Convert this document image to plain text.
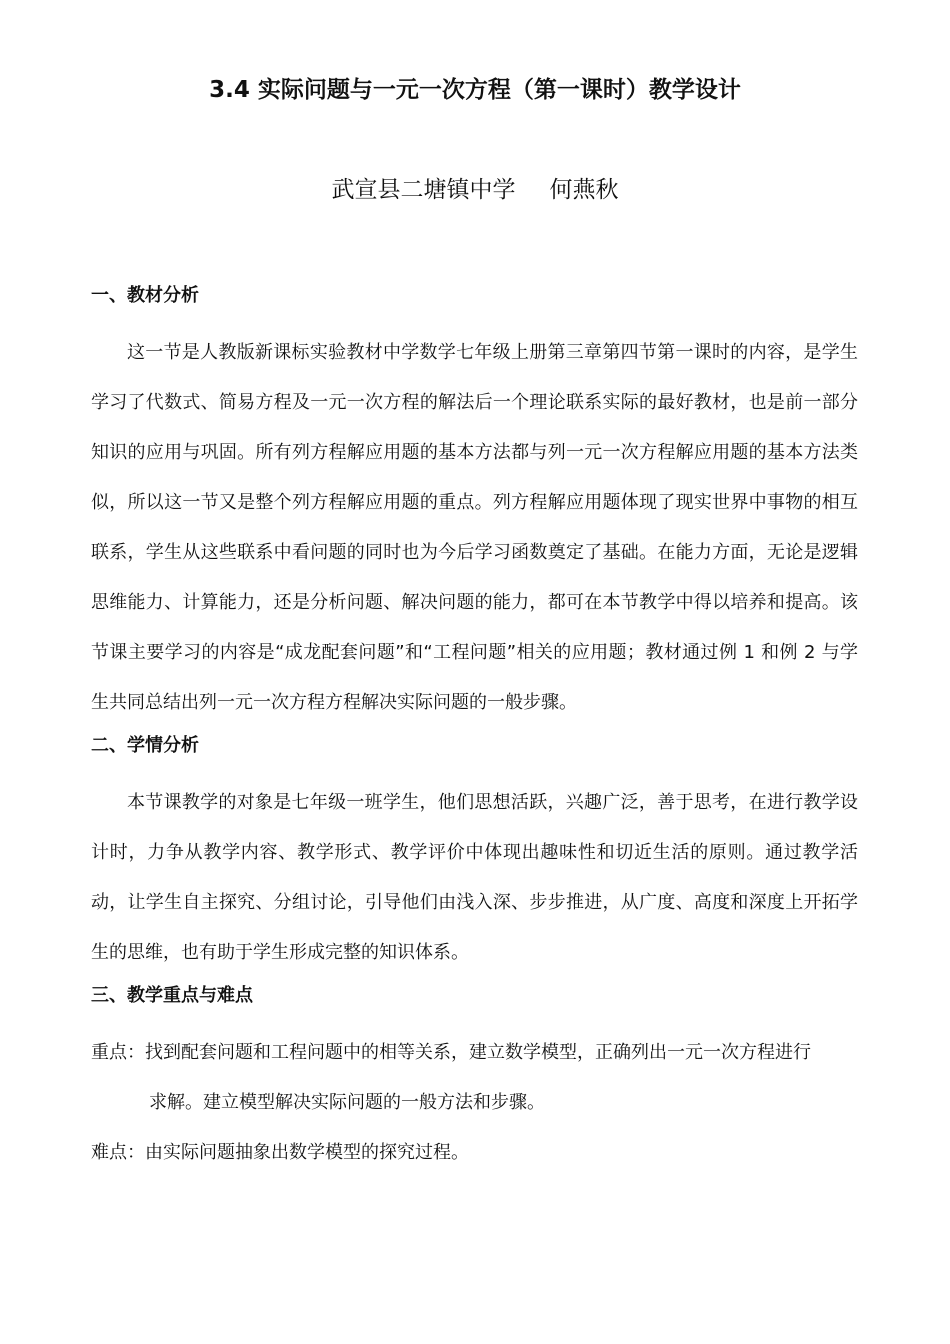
3.4 实际问题与一元一次方程（第一课时）教学设计
武宣县二塘镇中学 何燕秋
一、教材分析

这一节是人教版新课标实验教材中学数学七年级上册第三章第四节第一课时的内容，是学生学习了代数式、简易方程及一元一次方程的解法后一个理论联系实际的最好教材，也是前一部分知识的应用与巩固。所有列方程解应用题的基本方法都与列一元一次方程解应用题的基本方法类似，所以这一节又是整个列方程解应用题的重点。列方程解应用题体现了现实世界中事物的相互联系，学生从这些联系中看问题的同时也为今后学习函数奠定了基础。在能力方面，无论是逻辑思维能力、计算能力，还是分析问题、解决问题的能力，都可在本节教学中得以培养和提高。该节课主要学习的内容是“成龙配套问题”和“工程问题”相关的应用题；教材通过例 1 和例 2 与学生共同总结出列一元一次方程方程解决实际问题的一般步骤。

二、学情分析

本节课教学的对象是七年级一班学生，他们思想活跃，兴趣广泛，善于思考，在进行教学设计时，力争从教学内容、教学形式、教学评价中体现出趣味性和切近生活的原则。通过教学活动，让学生自主探究、分组讨论，引导他们由浅入深、步步推进，从广度、高度和深度上开拓学生的思维，也有助于学生形成完整的知识体系。

三、教学重点与难点

重点：找到配套问题和工程问题中的相等关系，建立数学模型，正确列出一元一次方程进行

求解。建立模型解决实际问题的一般方法和步骤。

难点：由实际问题抽象出数学模型的探究过程。
